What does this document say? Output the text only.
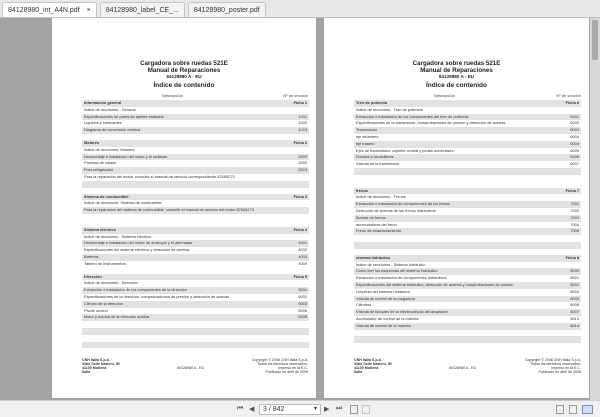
84128980_int_A4N.pdf × 84128980_label_CE_... 84128980_poster.pdf
Cargadora sobre ruedas 521E
Manual de Reparaciones
84128980 A - EU
Índice de contenido
Descripción	Nº de sección
Información general	Ficha 1
Índice de secciones - General
Especificaciones de pares de apriete estándar	1001
Líquidos y lubricantes	1002
Diagrama de conversión métrica	1003
Motores	Ficha 2
Índice de secciones: Motores
Desmontaje e instalación del motor y el radiador	2000
Pruebas de calado	2002
Post-refrigerador	2003
Para la reparación del motor, consulte el manual de servicio correspondiente 87659273
Sistema de combustible	Ficha 3
Índice de secciones: Sistema de combustible
Para la reparación del sistema de combustible, consulte el manual de servicio del motor 87659273
Sistema eléctrico	Ficha 4
Índice de secciones - Sistema eléctrico
Desmontaje e instalación del motor de arranque y el alternador	4001
Especificaciones del sistema eléctrico y detección de averías	4002
Baterías	4003
Tablero de instrumentos	4009
Dirección	Ficha 5
Índice de secciones - Dirección
Extracción e instalación de los componentes de la dirección	5001
Especificaciones de la dirección, comprobaciones de presión y detección de averías	5002
Cilindro de la dirección	5003
Pivote central	5006
Motor y bomba de la dirección auxiliar	5008
CNH Italia S.p.A.
Viale Delle Nazioni, 55
41100 Modena
Italia
84128980 A - EU
Copyright © 2008 CNH Italia S.p.A.
Todos los derechos reservados.
Impreso en la E.C.
Publicado en abril de 2008
Cargadora sobre ruedas 521E
Manual de Reparaciones
84128980 A - EU
Índice de contenido
Descripción	Nº de sección
Tren de potencia	Ficha 6
Índice de secciones - Tren de potencia
Extracción e instalación de los componentes del tren de potencia	6001
Especificaciones de la transmisión, comprobaciones de presión y detección de averías	6002
Transmisión	6003
eje delantero	6004
eje trasero	6004
Ejes de transmisión, cojinete central y juntas universales	6005
Ruedas y neumáticos	6006
Válvula de la transmisión	6007
frenos	Ficha 7
Índice de secciones - Frenos
Extracción e instalación de componentes de los frenos	7001
Detección de averías de los frenos hidráulicos	7002
Bomba de frenos	7003
acumuladores del freno	7004
Freno de estacionamiento	7006
sistema hidráulico	Ficha 8
Índice de secciones - Sistema hidráulico
Cómo leer los esquemas del sistema hidráulico	8000
Extracción e instalación de componentes hidráulicos	8001
Especificaciones del sistema hidráulico, detección de averías y comprobaciones de presión	8002
Limpieza del sistema hidráulico	8003
Válvula de control de la cargadora	8005
Cilindros	8006
Válvula de bloqueo de la electroválvula del acoplador	8007
Acumulador de control de la marcha	8013
Válvula de control de la marcha	8014
CNH Italia S.p.A.
Viale Delle Nazioni, 55
41100 Modena
Italia
84128980 A - EU
Copyright © 2008 CNH Italia S.p.A.
Todos los derechos reservados.
Impreso en la E.C.
Publicado en abril de 2008
⏮ ◀	3 / 842	▾ ▶ ⏭
